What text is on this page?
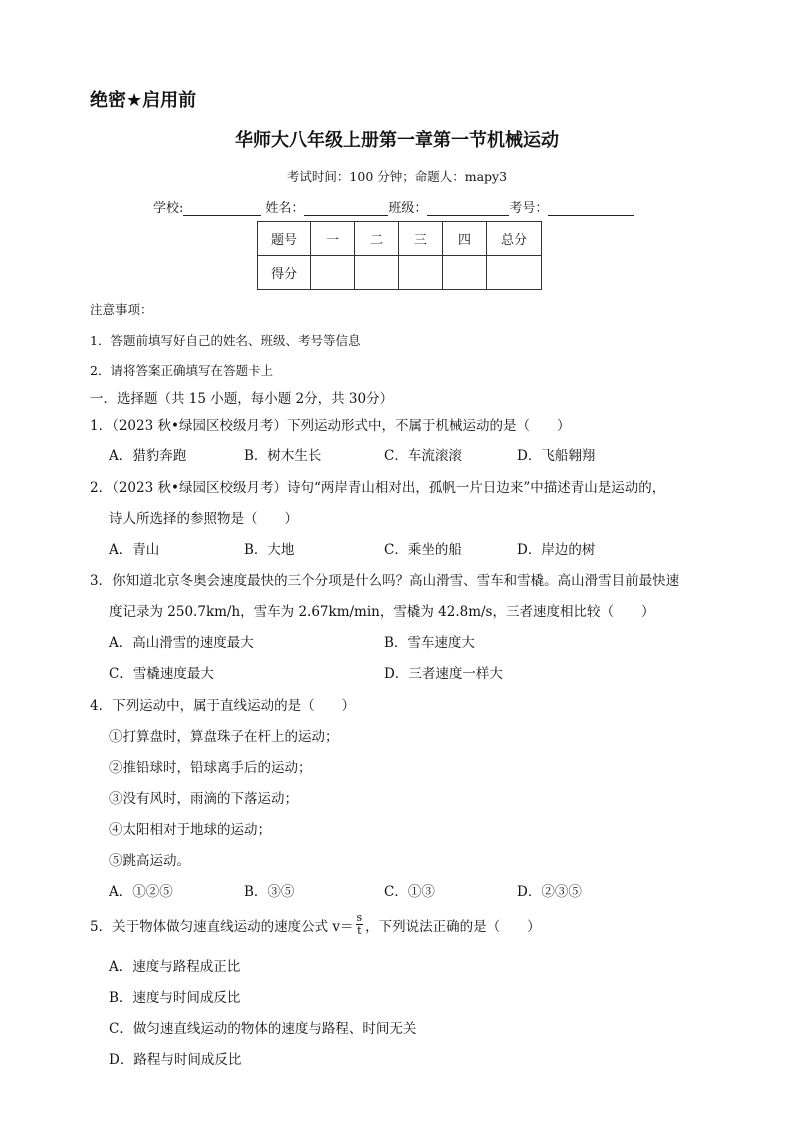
绝密★启用前
华师大八年级上册第一章第一节机械运动
考试时间：100 分钟；命题人：mapy3
学校:	姓名：	班级：	考号：
题号	一	二	三	四	总分
得分					
注意事项：
1．答题前填写好自己的姓名、班级、考号等信息
2．请将答案正确填写在答题卡上
一．选择题（共 15 小题，每小题 2分，共 30分）
1．（2023 秋•绿园区校级月考）下列运动形式中，不属于机械运动的是（　　）
A．猎豹奔跑	B．树木生长	C．车流滚滚	D．飞船翱翔
2．（2023 秋•绿园区校级月考）诗句“两岸青山相对出，孤帆一片日边来”中描述青山是运动的，
诗人所选择的参照物是（　　）
A．青山	B．大地	C．乘坐的船	D．岸边的树
3．你知道北京冬奥会速度最快的三个分项是什么吗？高山滑雪、雪车和雪橇。高山滑雪目前最快速
度记录为 250.7km/h，雪车为 2.67km/min，雪橇为 42.8m/s，三者速度相比较（　　）
A．高山滑雪的速度最大	B．雪车速度大
C．雪橇速度最大	D．三者速度一样大
4．下列运动中，属于直线运动的是（　　）
①打算盘时，算盘珠子在杆上的运动；
②推铅球时，铅球离手后的运动；
③没有风时，雨滴的下落运动；
④太阳相对于地球的运动；
⑤跳高运动。
A．①②⑤	B．③⑤	C．①③	D．②③⑤
5．关于物体做匀速直线运动的速度公式 $v= \frac{s}{t}$ ，下列说法正确的是（　　）
A．速度与路程成正比
B．速度与时间成反比
C．做匀速直线运动的物体的速度与路程、时间无关
D．路程与时间成反比
